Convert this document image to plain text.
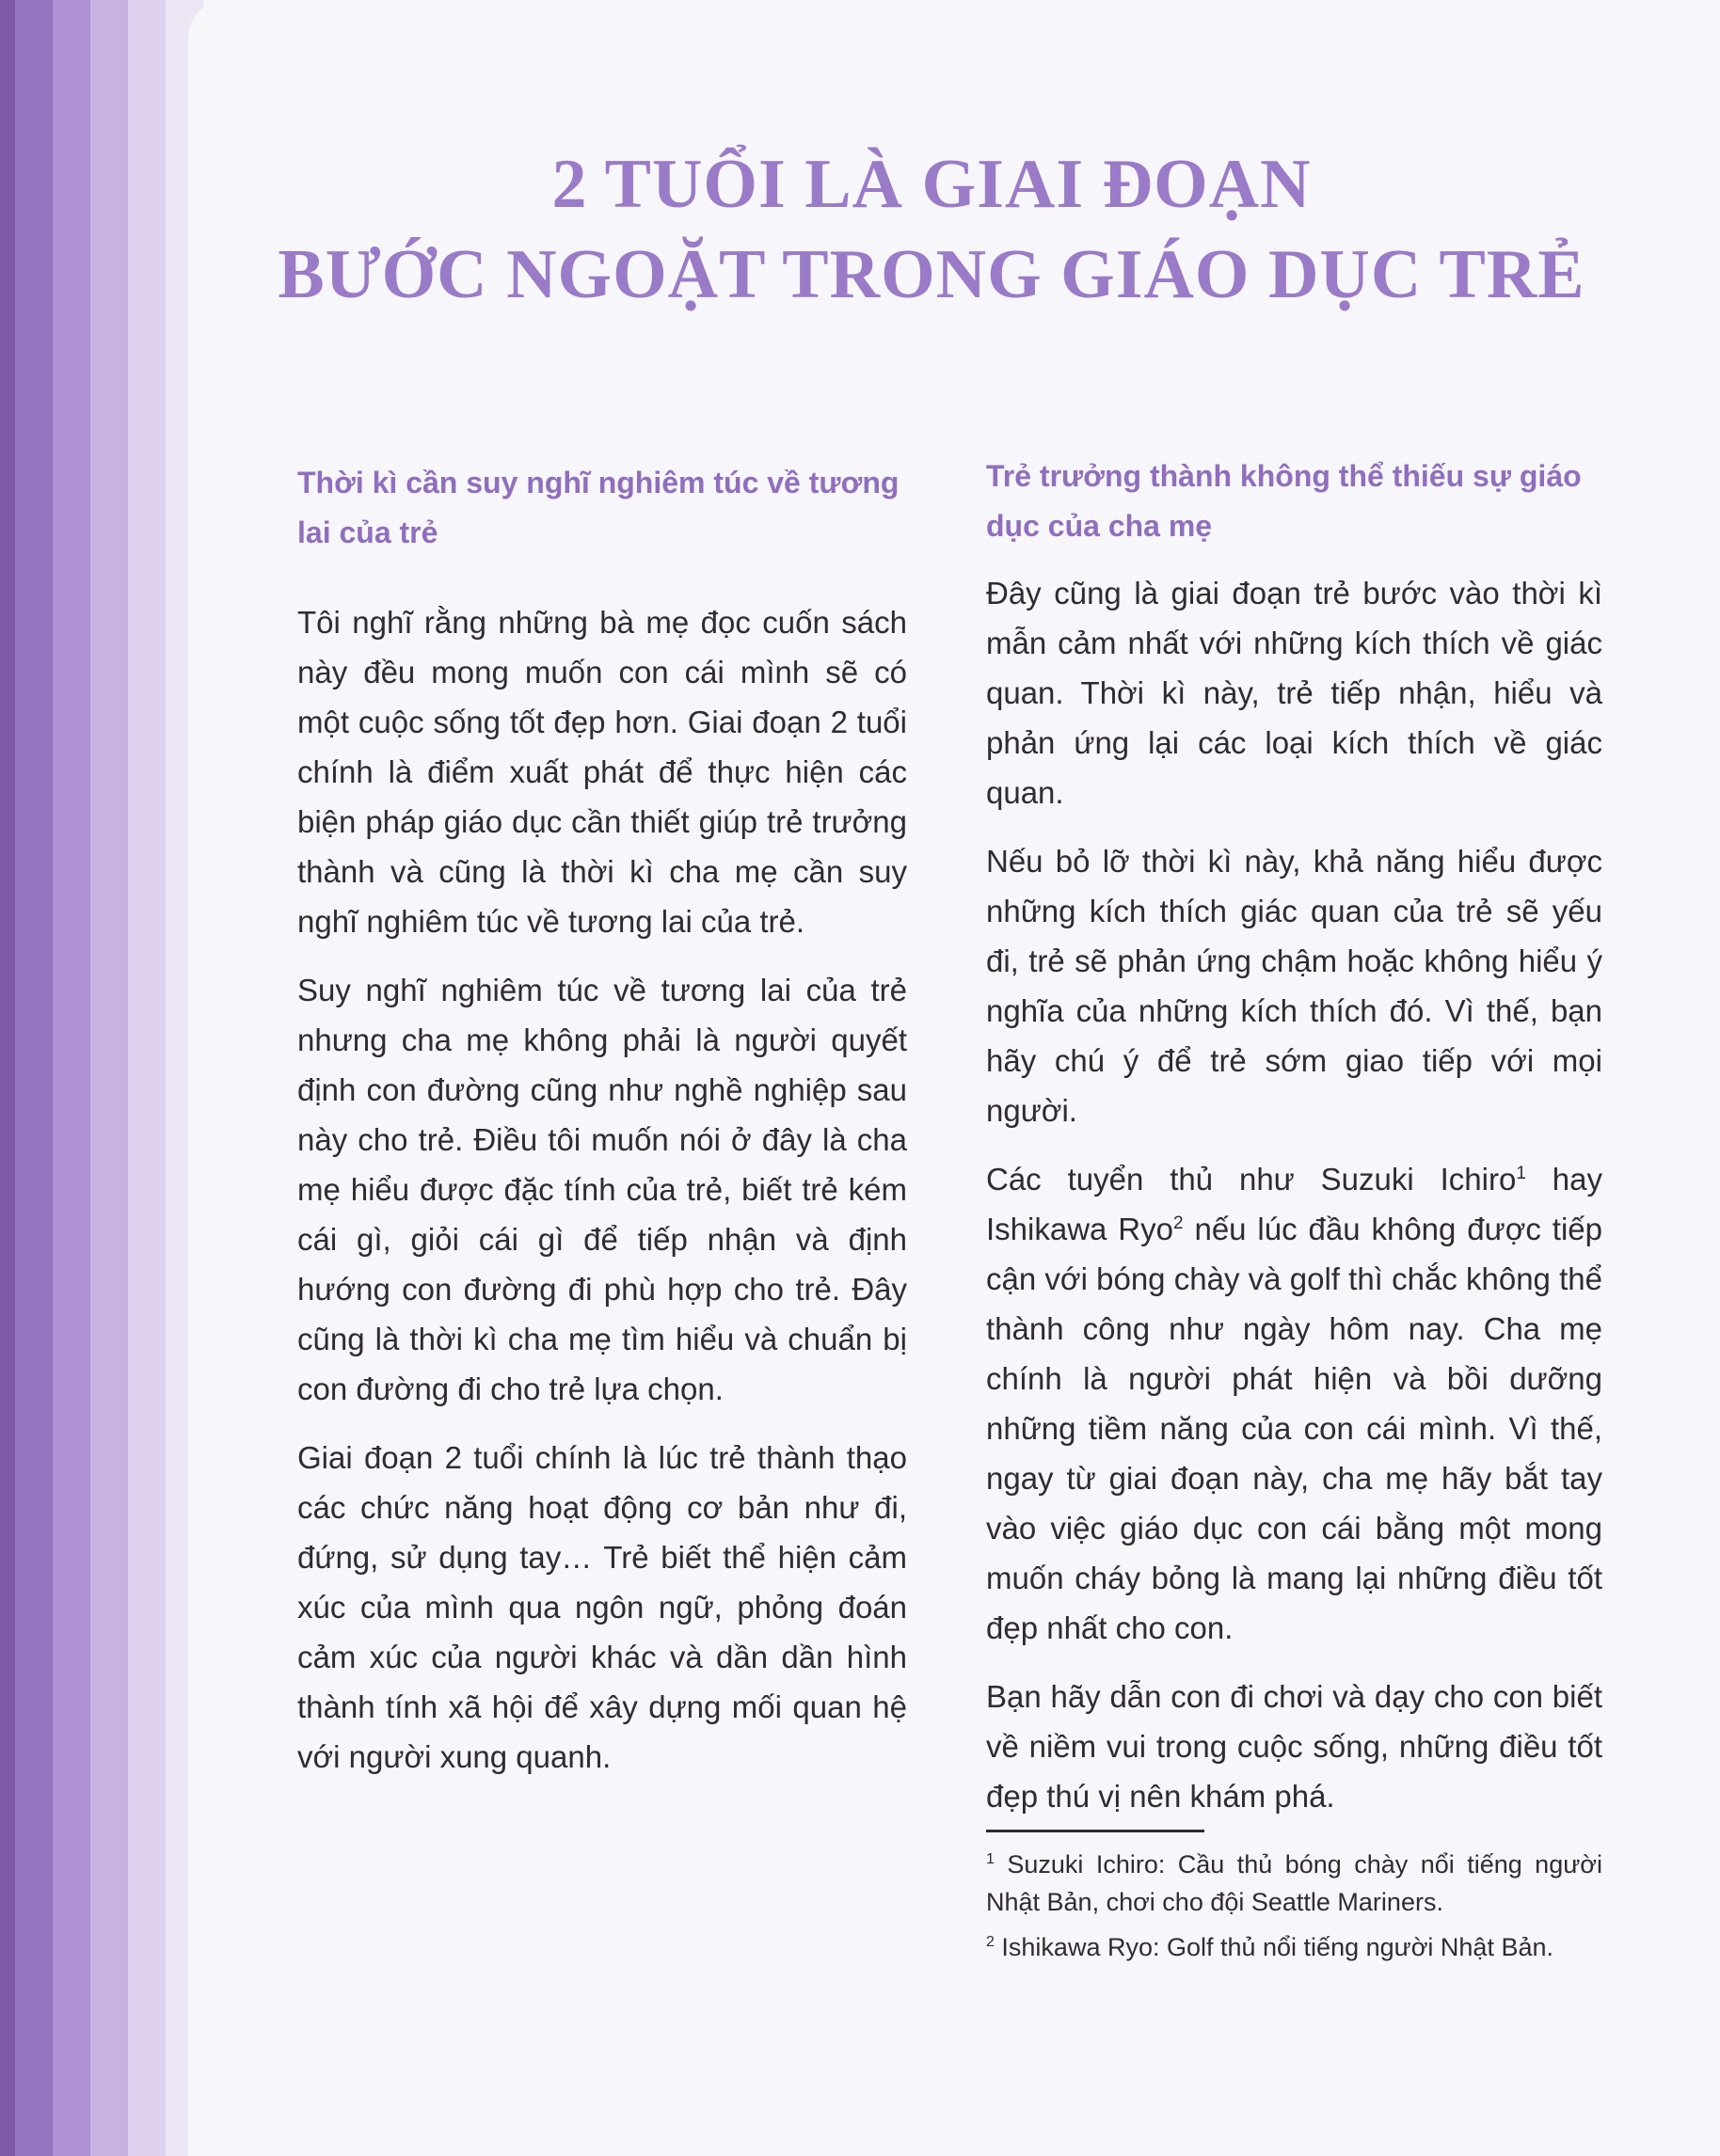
2 TUỔI LÀ GIAI ĐOẠN
BƯỚC NGOẶT TRONG GIÁO DỤC TRẺ
Thời kì cần suy nghĩ nghiêm túc về tương lai của trẻ

Tôi nghĩ rằng những bà mẹ đọc cuốn sách này đều mong muốn con cái mình sẽ có một cuộc sống tốt đẹp hơn. Giai đoạn 2 tuổi chính là điểm xuất phát để thực hiện các biện pháp giáo dục cần thiết giúp trẻ trưởng thành và cũng là thời kì cha mẹ cần suy nghĩ nghiêm túc về tương lai của trẻ.

Suy nghĩ nghiêm túc về tương lai của trẻ nhưng cha mẹ không phải là người quyết định con đường cũng như nghề nghiệp sau này cho trẻ. Điều tôi muốn nói ở đây là cha mẹ hiểu được đặc tính của trẻ, biết trẻ kém cái gì, giỏi cái gì để tiếp nhận và định hướng con đường đi phù hợp cho trẻ. Đây cũng là thời kì cha mẹ tìm hiểu và chuẩn bị con đường đi cho trẻ lựa chọn.

Giai đoạn 2 tuổi chính là lúc trẻ thành thạo các chức năng hoạt động cơ bản như đi, đứng, sử dụng tay… Trẻ biết thể hiện cảm xúc của mình qua ngôn ngữ, phỏng đoán cảm xúc của người khác và dần dần hình thành tính xã hội để xây dựng mối quan hệ với người xung quanh.

Trẻ trưởng thành không thể thiếu sự giáo dục của cha mẹ

Đây cũng là giai đoạn trẻ bước vào thời kì mẫn cảm nhất với những kích thích về giác quan. Thời kì này, trẻ tiếp nhận, hiểu và phản ứng lại các loại kích thích về giác quan.

Nếu bỏ lỡ thời kì này, khả năng hiểu được những kích thích giác quan của trẻ sẽ yếu đi, trẻ sẽ phản ứng chậm hoặc không hiểu ý nghĩa của những kích thích đó. Vì thế, bạn hãy chú ý để trẻ sớm giao tiếp với mọi người.

Các tuyển thủ như Suzuki Ichiro$^1$ hay Ishikawa Ryo$^2$ nếu lúc đầu không được tiếp cận với bóng chày và golf thì chắc không thể thành công như ngày hôm nay. Cha mẹ chính là người phát hiện và bồi dưỡng những tiềm năng của con cái mình. Vì thế, ngay từ giai đoạn này, cha mẹ hãy bắt tay vào việc giáo dục con cái bằng một mong muốn cháy bỏng là mang lại những điều tốt đẹp nhất cho con.

Bạn hãy dẫn con đi chơi và dạy cho con biết về niềm vui trong cuộc sống, những điều tốt đẹp thú vị nên khám phá.

$^1$ Suzuki Ichiro: Cầu thủ bóng chày nổi tiếng người Nhật Bản, chơi cho đội Seattle Mariners.

$^2$ Ishikawa Ryo: Golf thủ nổi tiếng người Nhật Bản.
